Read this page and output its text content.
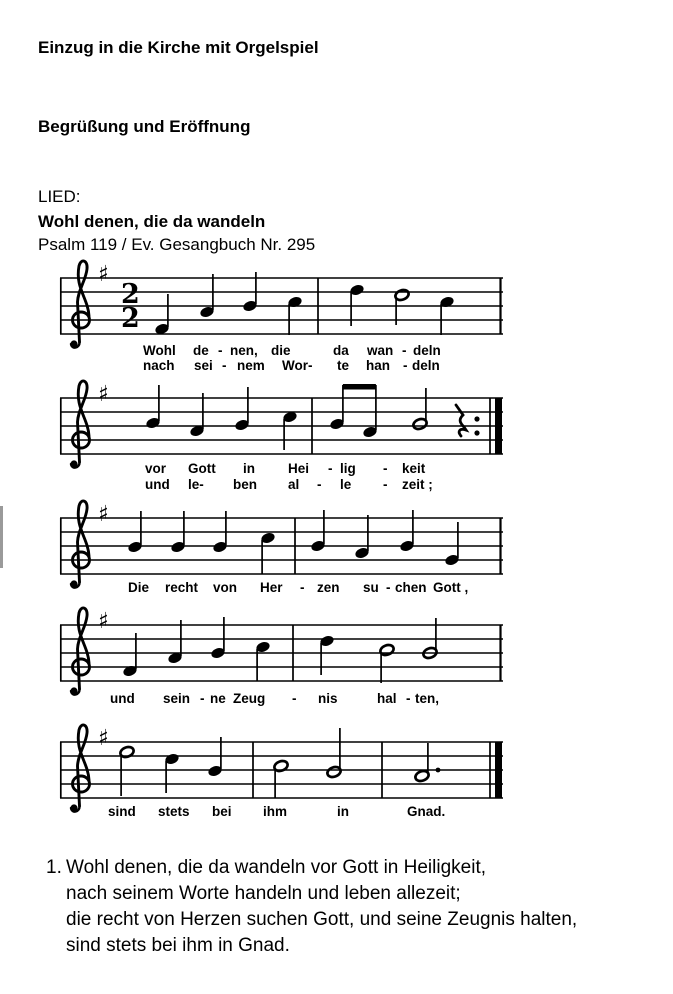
Einzug in die Kirche mit Orgelspiel
Begrüßung und Eröffnung
LIED:
Wohl denen, die da wandeln
Psalm 119 / Ev. Gesangbuch Nr. 295
♯
2
2
♯
♯
♯
♯
Wohl de - nen, die	da wan - deln
nach sei - nem Wor- te han - deln
vor Gott in Hei - lig - keit
und le- ben al - le - zeit ;
Die recht von Her - zen su - chen Gott ,
und sein - ne Zeug - nis	hal - ten,
sind stets bei ihm	in	Gnad.
1. Wohl denen, die da wandeln vor Gott in Heiligkeit,
nach seinem Worte handeln und leben allezeit;
die recht von Herzen suchen Gott, und seine Zeugnis halten,
sind stets bei ihm in Gnad.
